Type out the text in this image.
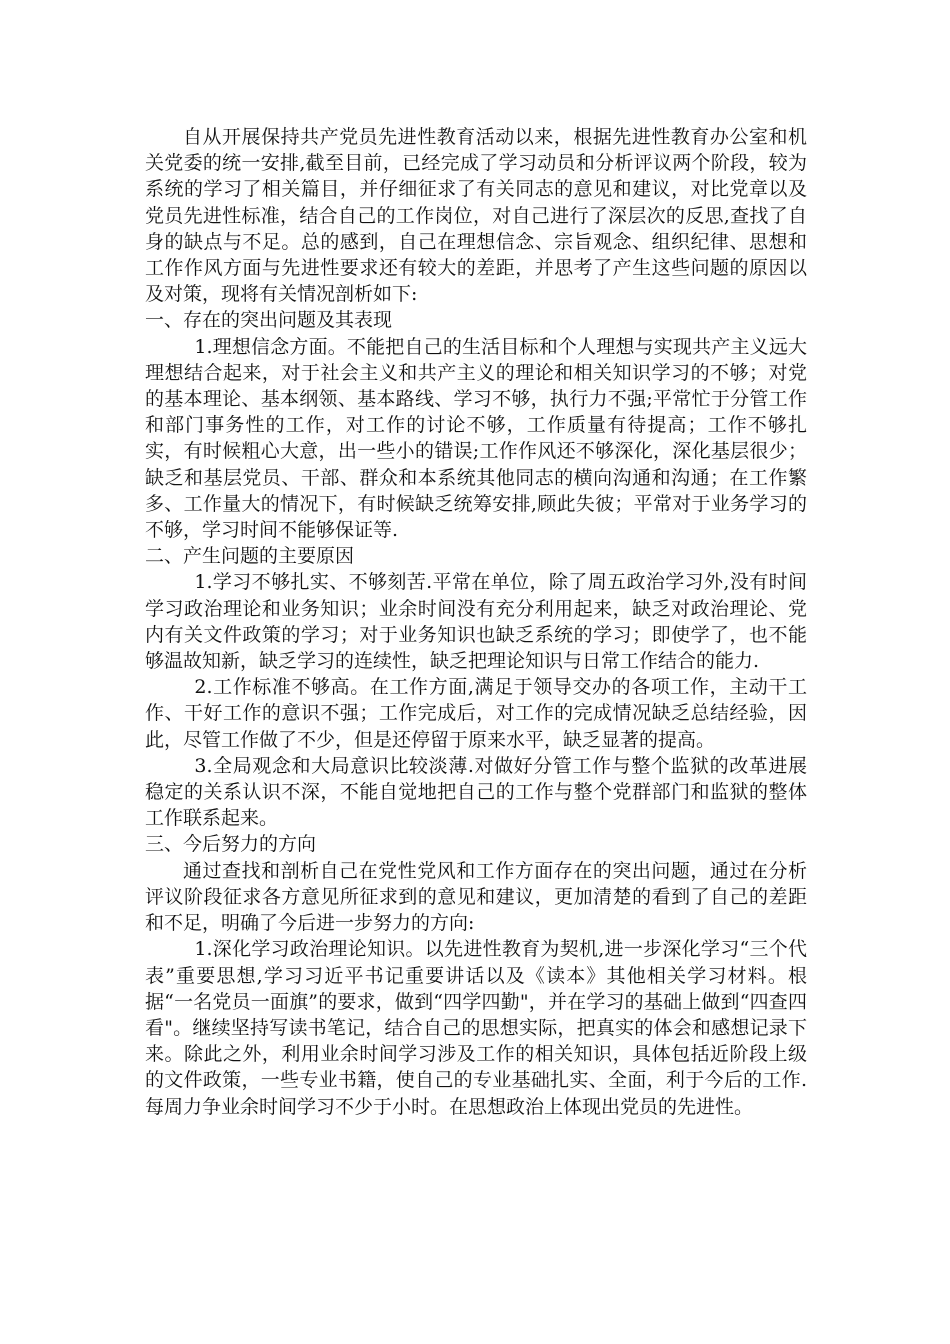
自从开展保持共产党员先进性教育活动以来，根据先进性教育办公室和机关党委的统一安排,截至目前，已经完成了学习动员和分析评议两个阶段，较为系统的学习了相关篇目，并仔细征求了有关同志的意见和建议，对比党章以及党员先进性标准，结合自己的工作岗位，对自己进行了深层次的反思,查找了自身的缺点与不足。总的感到，自己在理想信念、宗旨观念、组织纪律、思想和工作作风方面与先进性要求还有较大的差距，并思考了产生这些问题的原因以及对策，现将有关情况剖析如下:

一、存在的突出问题及其表现

1.理想信念方面。不能把自己的生活目标和个人理想与实现共产主义远大理想结合起来，对于社会主义和共产主义的理论和相关知识学习的不够；对党的基本理论、基本纲领、基本路线、学习不够，执行力不强;平常忙于分管工作和部门事务性的工作，对工作的讨论不够，工作质量有待提高；工作不够扎实，有时候粗心大意，出一些小的错误;工作作风还不够深化，深化基层很少；缺乏和基层党员、干部、群众和本系统其他同志的横向沟通和沟通；在工作繁多、工作量大的情况下，有时候缺乏统筹安排,顾此失彼；平常对于业务学习的不够，学习时间不能够保证等.

二、产生问题的主要原因

1.学习不够扎实、不够刻苦.平常在单位，除了周五政治学习外,没有时间学习政治理论和业务知识；业余时间没有充分利用起来，缺乏对政治理论、党内有关文件政策的学习；对于业务知识也缺乏系统的学习；即使学了，也不能够温故知新，缺乏学习的连续性，缺乏把理论知识与日常工作结合的能力.

2.工作标准不够高。在工作方面,满足于领导交办的各项工作，主动干工作、干好工作的意识不强；工作完成后，对工作的完成情况缺乏总结经验，因此，尽管工作做了不少，但是还停留于原来水平，缺乏显著的提高。

3.全局观念和大局意识比较淡薄.对做好分管工作与整个监狱的改革进展稳定的关系认识不深，不能自觉地把自己的工作与整个党群部门和监狱的整体工作联系起来。

三、今后努力的方向

通过查找和剖析自己在党性党风和工作方面存在的突出问题，通过在分析评议阶段征求各方意见所征求到的意见和建议，更加清楚的看到了自己的差距和不足，明确了今后进一步努力的方向:

1.深化学习政治理论知识。以先进性教育为契机,进一步深化学习“三个代表”重要思想,学习习近平书记重要讲话以及《读本》其他相关学习材料。根据“一名党员一面旗”的要求，做到“四学四勤"，并在学习的基础上做到“四查四看"。继续坚持写读书笔记，结合自己的思想实际，把真实的体会和感想记录下来。除此之外，利用业余时间学习涉及工作的相关知识，具体包括近阶段上级的文件政策，一些专业书籍，使自己的专业基础扎实、全面，利于今后的工作.每周力争业余时间学习不少于小时。在思想政治上体现出党员的先进性。
